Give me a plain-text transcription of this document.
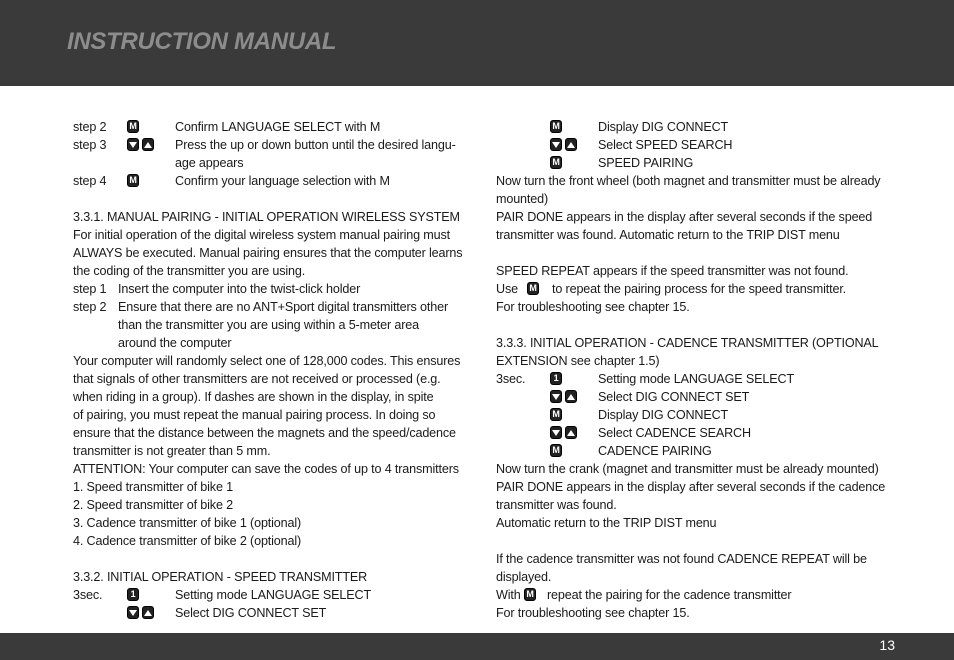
INSTRUCTION MANUAL
step 2	M	Confirm LANGUAGE SELECT with M
step 3	Press the up or down button until the desired langu-
age appears
step 4	M	Confirm your language selection with M
3.3.1. MANUAL PAIRING - INITIAL OPERATION WIRELESS SYSTEM
For initial operation of the digital wireless system manual pairing must
ALWAYS be executed. Manual pairing ensures that the computer learns
the coding of the transmitter you are using.
step 1 Insert the computer into the twist-click holder
step 2 Ensure that there are no ANT+Sport digital transmitters other
than the transmitter you are using within a 5-meter area
around the computer
Your computer will randomly select one of 128,000 codes. This ensures
that signals of other transmitters are not received or processed (e.g.
when riding in a group). If dashes are shown in the display, in spite
of pairing, you must repeat the manual pairing process. In doing so
ensure that the distance between the magnets and the speed/cadence
transmitter is not greater than 5 mm.
ATTENTION: Your computer can save the codes of up to 4 transmitters
1. Speed transmitter of bike 1
2. Speed transmitter of bike 2
3. Cadence transmitter of bike 1 (optional)
4. Cadence transmitter of bike 2 (optional)
3.3.2. INITIAL OPERATION - SPEED TRANSMITTER
3sec.	1	Setting mode LANGUAGE SELECT
Select DIG CONNECT SET
M	Display DIG CONNECT
Select SPEED SEARCH
M	SPEED PAIRING
Now turn the front wheel (both magnet and transmitter must be already
mounted)
PAIR DONE appears in the display after several seconds if the speed
transmitter was found. Automatic return to the TRIP DIST menu
SPEED REPEAT appears if the speed transmitter was not found.
Use M to repeat the pairing process for the speed transmitter.
For troubleshooting see chapter 15.
3.3.3. INITIAL OPERATION - CADENCE TRANSMITTER (OPTIONAL
EXTENSION see chapter 1.5)
3sec.	1	Setting mode LANGUAGE SELECT
Select DIG CONNECT SET
M	Display DIG CONNECT
Select CADENCE SEARCH
M	CADENCE PAIRING
Now turn the crank (magnet and transmitter must be already mounted)
PAIR DONE appears in the display after several seconds if the cadence
transmitter was found.
Automatic return to the TRIP DIST menu
If the cadence transmitter was not found CADENCE REPEAT will be
displayed.
With M repeat the pairing for the cadence transmitter
For troubleshooting see chapter 15.
13
